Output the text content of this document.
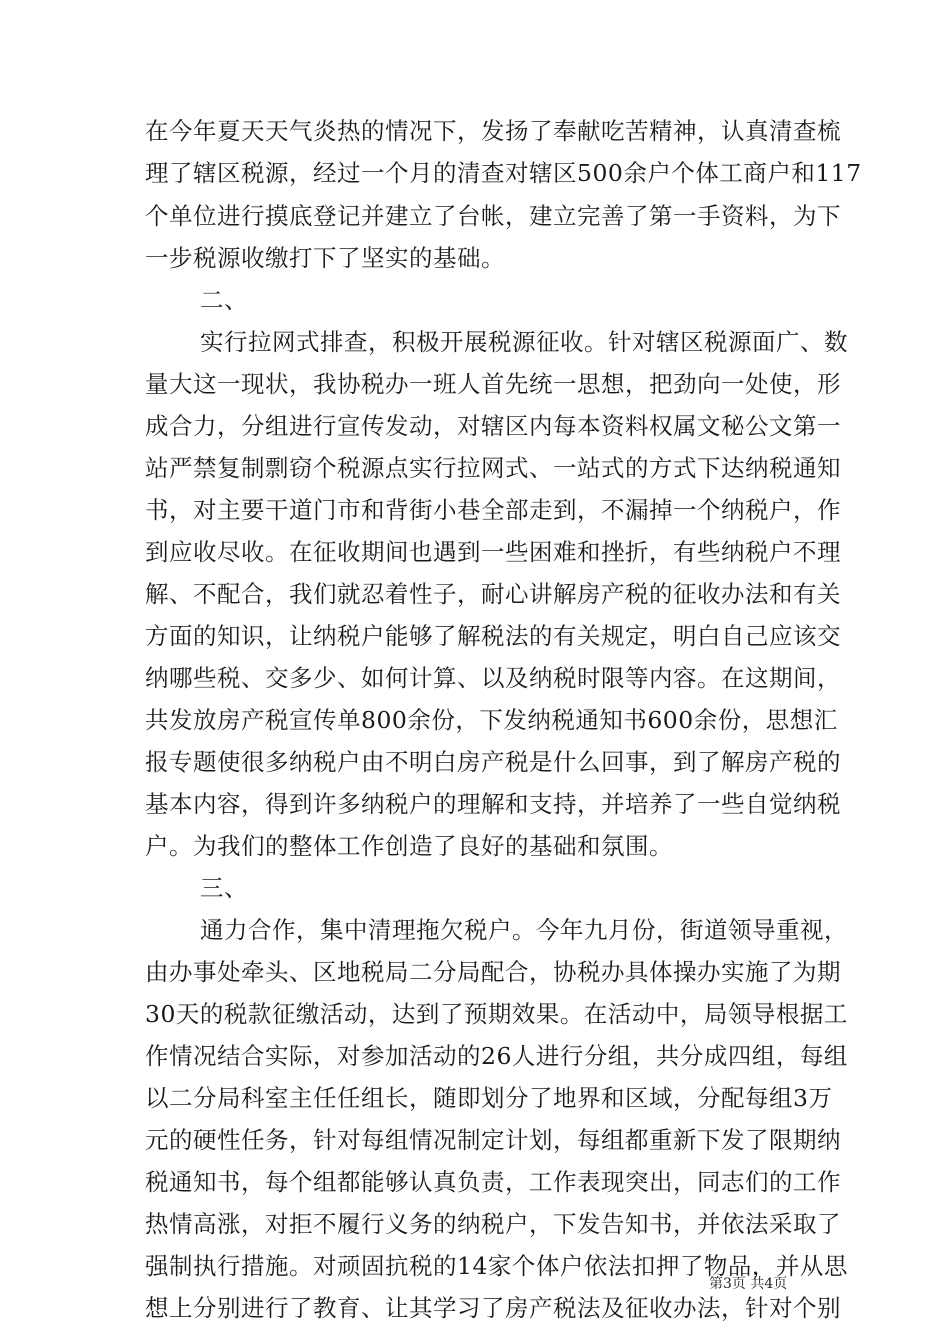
在今年夏天天气炎热的情况下，发扬了奉献吃苦精神，认真清查梳
理了辖区税源，经过一个月的清查对辖区500余户个体工商户和117
个单位进行摸底登记并建立了台帐，建立完善了第一手资料，为下
一步税源收缴打下了坚实的基础。
二、
实行拉网式排查，积极开展税源征收。针对辖区税源面广、数
量大这一现状，我协税办一班人首先统一思想，把劲向一处使，形
成合力，分组进行宣传发动，对辖区内每本资料权属文秘公文第一
站严禁复制剽窃个税源点实行拉网式、一站式的方式下达纳税通知
书，对主要干道门市和背街小巷全部走到，不漏掉一个纳税户，作
到应收尽收。在征收期间也遇到一些困难和挫折，有些纳税户不理
解、不配合，我们就忍着性子，耐心讲解房产税的征收办法和有关
方面的知识，让纳税户能够了解税法的有关规定，明白自己应该交
纳哪些税、交多少、如何计算、以及纳税时限等内容。在这期间，
共发放房产税宣传单800余份，下发纳税通知书600余份，思想汇
报专题使很多纳税户由不明白房产税是什么回事，到了解房产税的
基本内容，得到许多纳税户的理解和支持，并培养了一些自觉纳税
户。为我们的整体工作创造了良好的基础和氛围。
三、
通力合作，集中清理拖欠税户。今年九月份，街道领导重视，
由办事处牵头、区地税局二分局配合，协税办具体操办实施了为期
30天的税款征缴活动，达到了预期效果。在活动中，局领导根据工
作情况结合实际，对参加活动的26人进行分组，共分成四组，每组
以二分局科室主任任组长，随即划分了地界和区域，分配每组3万
元的硬性任务，针对每组情况制定计划，每组都重新下发了限期纳
税通知书，每个组都能够认真负责，工作表现突出，同志们的工作
热情高涨，对拒不履行义务的纳税户，下发告知书，并依法采取了
强制执行措施。对顽固抗税的14家个体户依法扣押了物品，并从思
想上分别进行了教育、让其学习了房产税法及征收办法，针对个别
第3页 共4页
